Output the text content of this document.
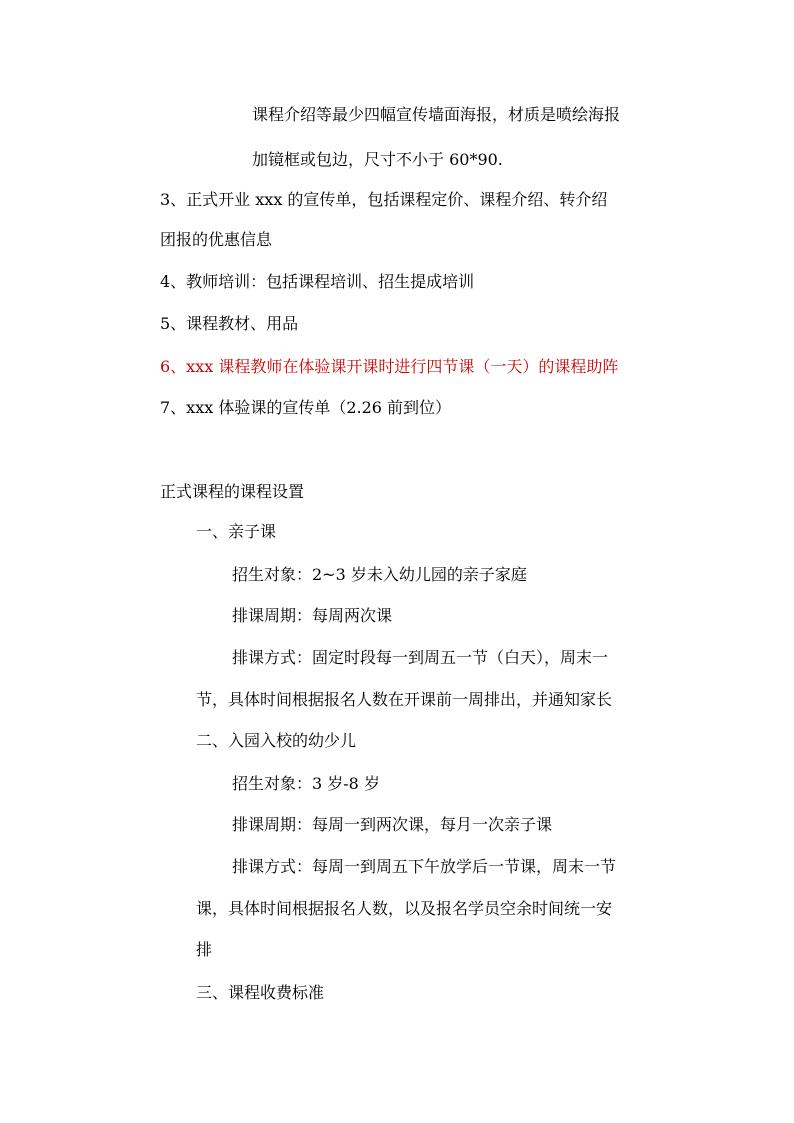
课程介绍等最少四幅宣传墙面海报，材质是喷绘海报
加镜框或包边，尺寸不小于 60*90.
3、正式开业 xxx 的宣传单，包括课程定价、课程介绍、转介绍
团报的优惠信息
4、教师培训：包括课程培训、招生提成培训
5、课程教材、用品
6、xxx 课程教师在体验课开课时进行四节课（一天）的课程助阵
7、xxx 体验课的宣传单（2.26 前到位）
正式课程的课程设置
一、亲子课
招生对象：2~3 岁未入幼儿园的亲子家庭
排课周期：每周两次课
排课方式：固定时段每一到周五一节（白天），周末一
节，具体时间根据报名人数在开课前一周排出，并通知家长
二、入园入校的幼少儿
招生对象：3 岁-8 岁
排课周期：每周一到两次课，每月一次亲子课
排课方式：每周一到周五下午放学后一节课，周末一节
课，具体时间根据报名人数，以及报名学员空余时间统一安
排
三、课程收费标准
